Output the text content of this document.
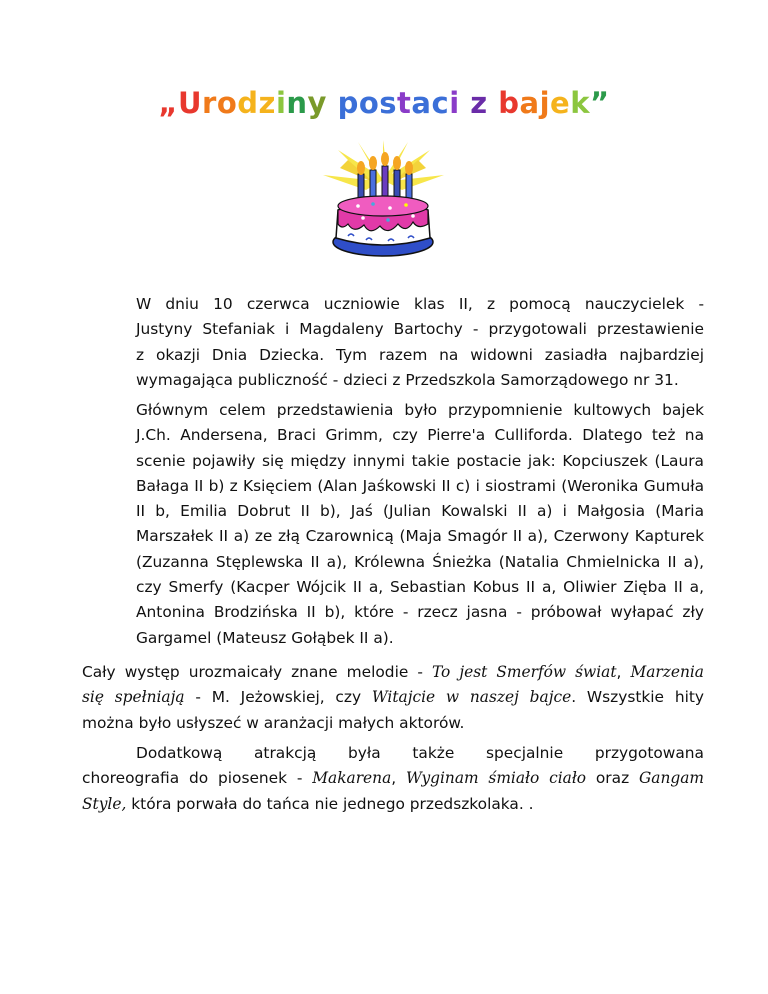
„Urodziny postaci z bajek”
W dniu 10 czerwca uczniowie klas II, z pomocą nauczycielek -
Justyny Stefaniak i Magdaleny Bartochy - przygotowali przestawienie
z okazji Dnia Dziecka. Tym razem na widowni zasiadła najbardziej
wymagająca publiczność - dzieci z Przedszkola Samorządowego nr 31.
Głównym celem przedstawienia było przypomnienie kultowych bajek
J.Ch. Andersena, Braci Grimm, czy Pierre'a Culliforda. Dlatego też na
scenie pojawiły się między innymi takie postacie jak: Kopciuszek (Laura
Bałaga II b) z Księciem (Alan Jaśkowski II c) i siostrami (Weronika Gumuła
II b, Emilia Dobrut II b), Jaś (Julian Kowalski II a) i Małgosia (Maria
Marszałek II a) ze złą Czarownicą (Maja Smagór II a), Czerwony Kapturek
(Zuzanna Stęplewska II a), Królewna Śnieżka (Natalia Chmielnicka II a),
czy Smerfy (Kacper Wójcik II a, Sebastian Kobus II a, Oliwier Zięba II a,
Antonina Brodzińska II b), które - rzecz jasna - próbował wyłapać zły
Gargamel (Mateusz Gołąbek II a).
Cały występ urozmaicały znane melodie - To jest Smerfów świat, Marzenia
się spełniają - M. Jeżowskiej, czy Witajcie w naszej bajce. Wszystkie hity
można było usłyszeć w aranżacji małych aktorów.
Dodatkową atrakcją była także specjalnie przygotowana
choreografia do piosenek - Makarena, Wyginam śmiało ciało oraz Gangam
Style, która porwała do tańca nie jednego przedszkolaka. .
